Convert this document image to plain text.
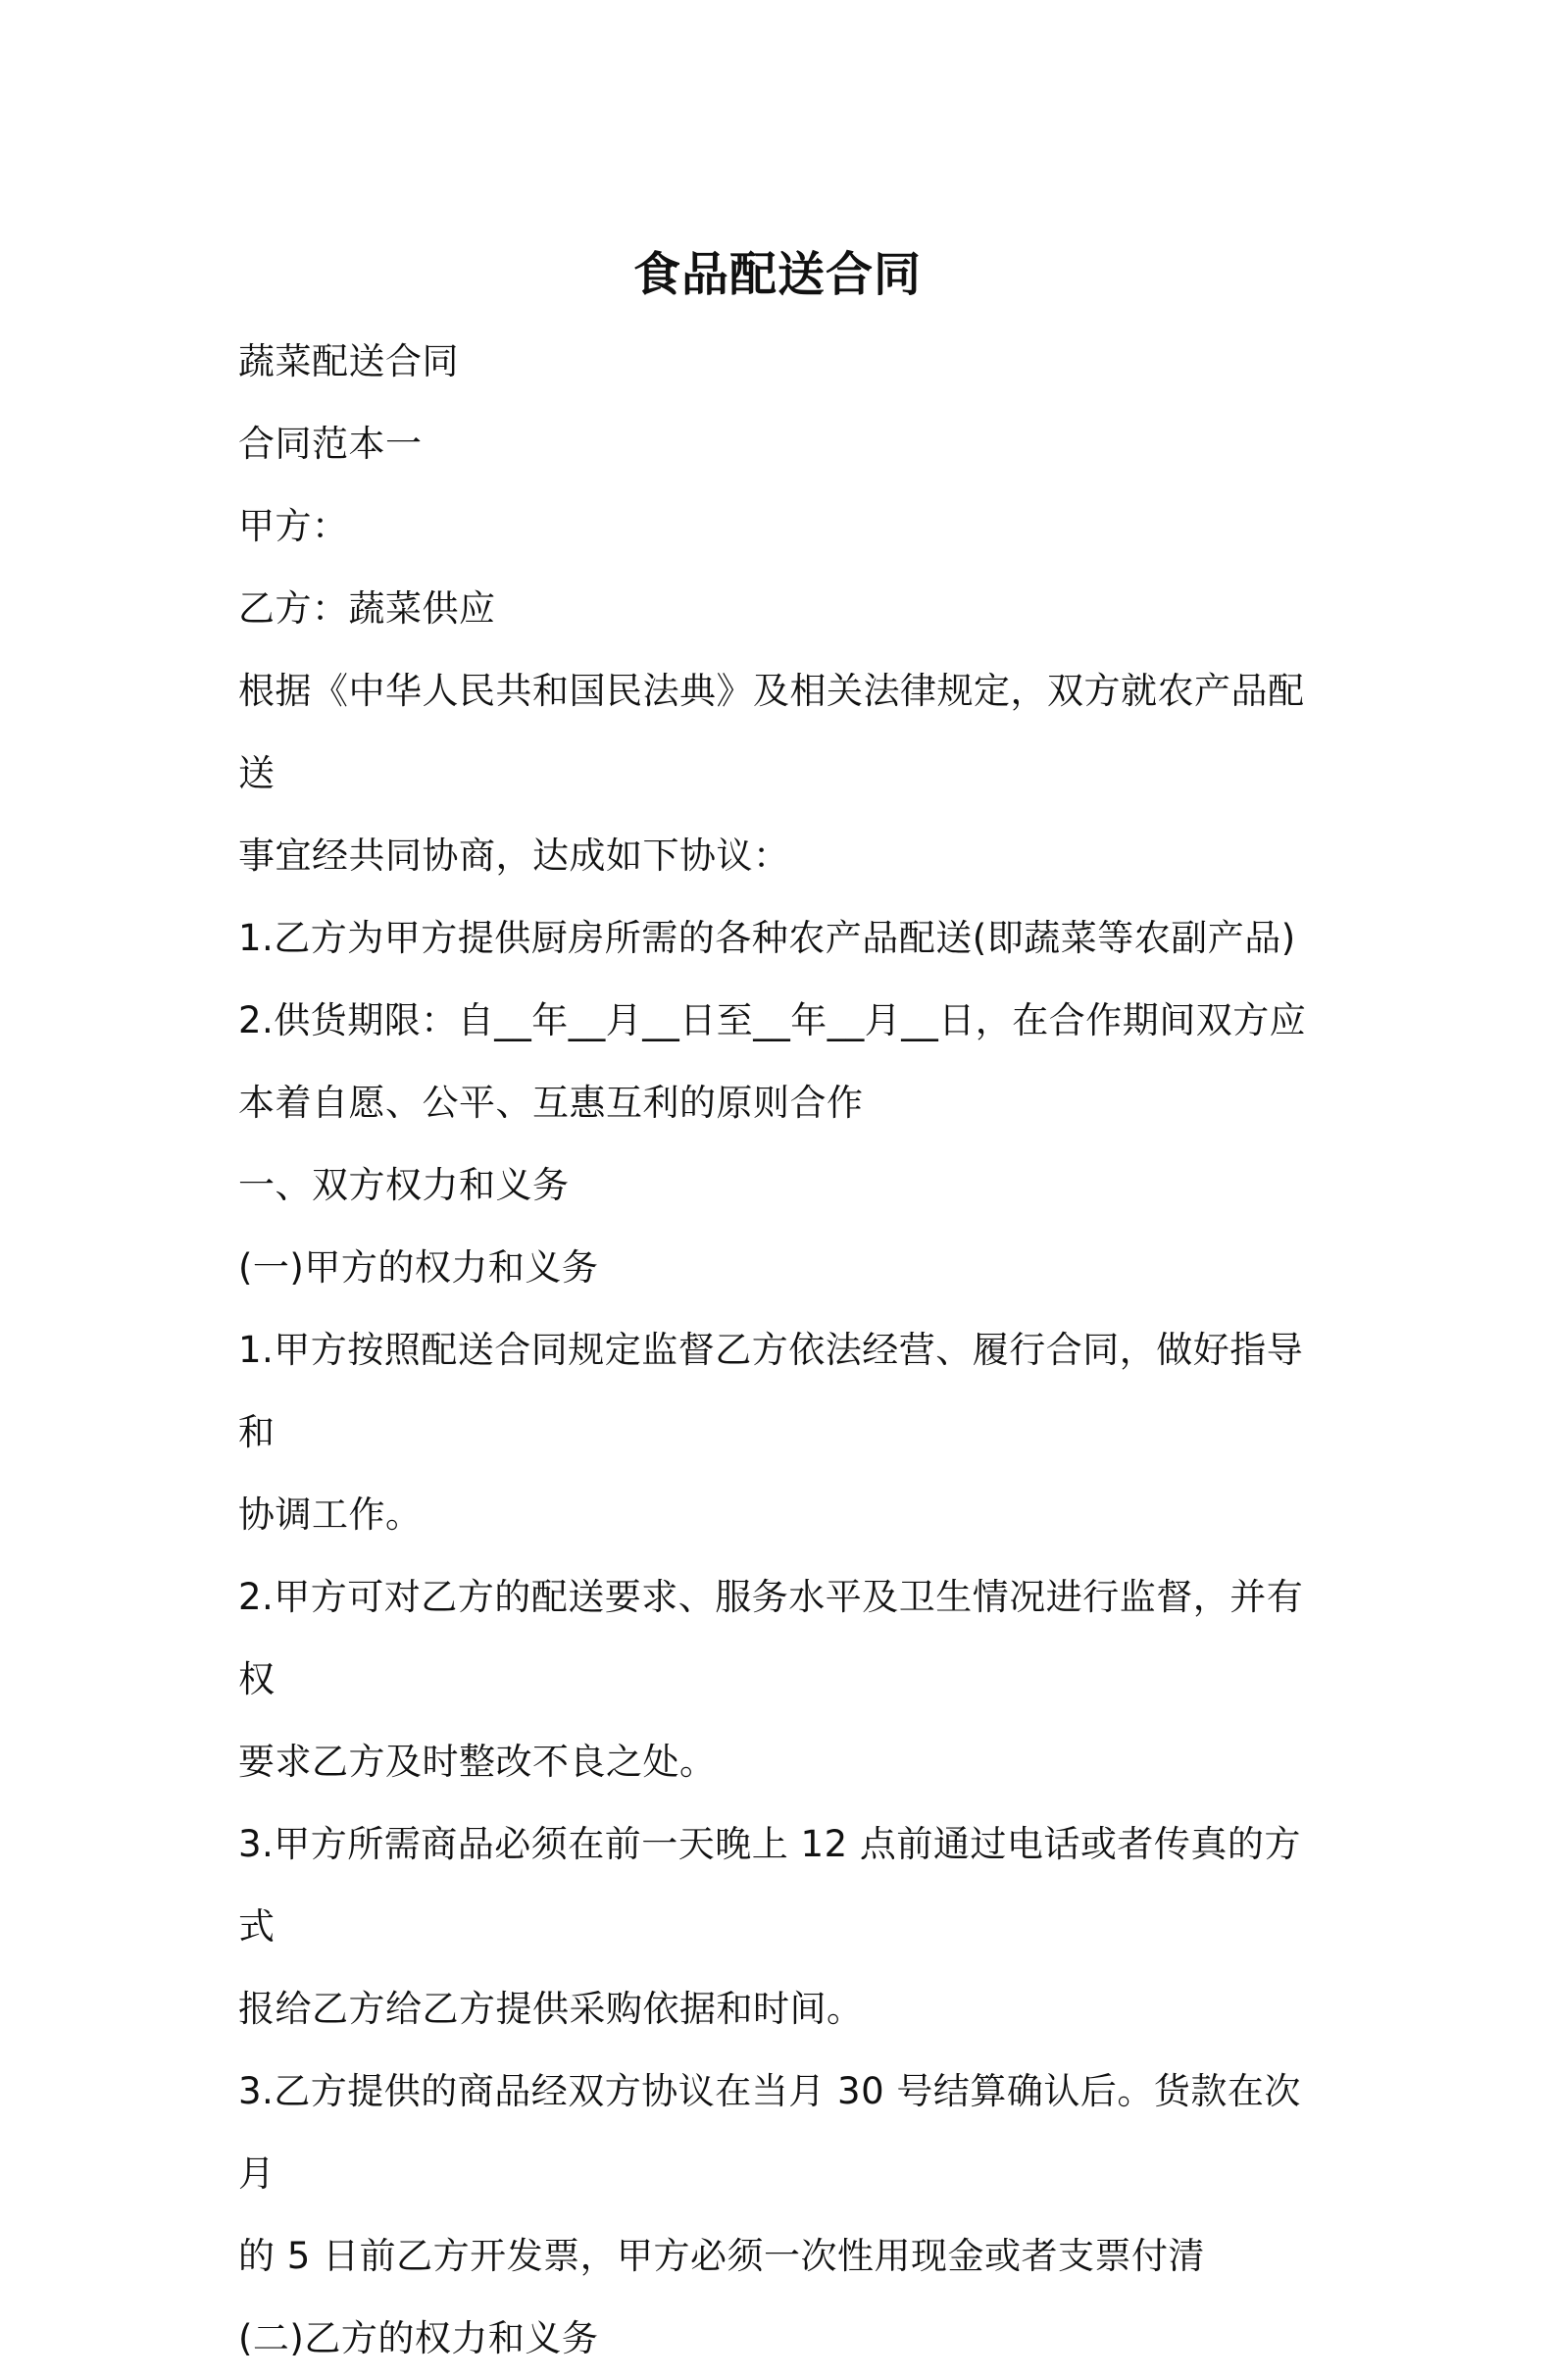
食品配送合同

蔬菜配送合同

合同范本一

甲方：

乙方：蔬菜供应

根据《中华人民共和国民法典》及相关法律规定，双方就农产品配送

事宜经共同协商，达成如下协议：

1.乙方为甲方提供厨房所需的各种农产品配送(即蔬菜等农副产品)

2.供货期限：自__年__月__日至__年__月__日，在合作期间双方应

本着自愿、公平、互惠互利的原则合作

一、双方权力和义务

(一)甲方的权力和义务

1.甲方按照配送合同规定监督乙方依法经营、履行合同，做好指导和

协调工作。

2.甲方可对乙方的配送要求、服务水平及卫生情况进行监督，并有权

要求乙方及时整改不良之处。

3.甲方所需商品必须在前一天晚上 12 点前通过电话或者传真的方式

报给乙方给乙方提供采购依据和时间。

3.乙方提供的商品经双方协议在当月 30 号结算确认后。货款在次月

的 5 日前乙方开发票，甲方必须一次性用现金或者支票付清

(二)乙方的权力和义务
